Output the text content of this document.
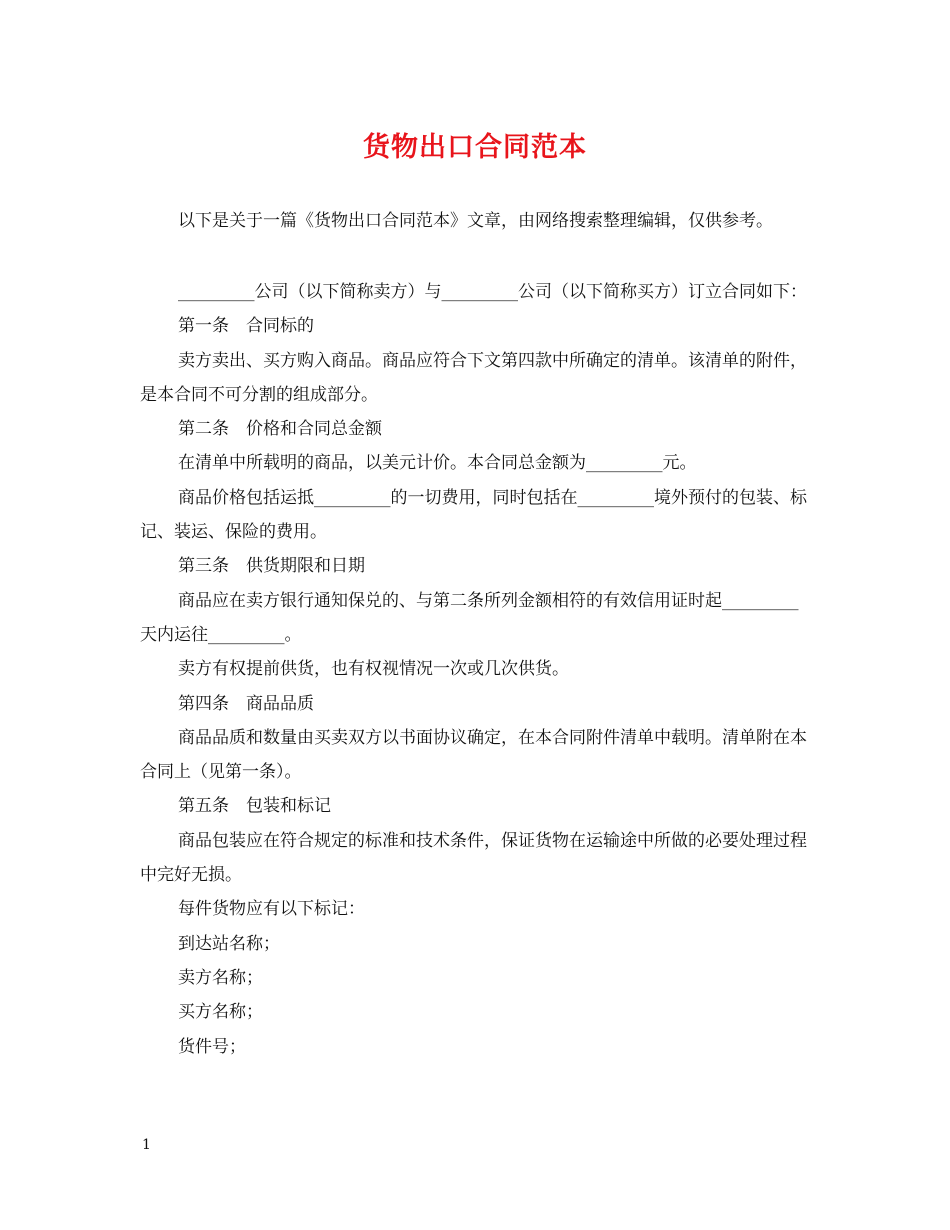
货物出口合同范本
以下是关于一篇《货物出口合同范本》文章，由网络搜索整理编辑，仅供参考。

_________公司（以下简称卖方）与_________公司（以下简称买方）订立合同如下：

第一条　合同标的

卖方卖出、买方购入商品。商品应符合下文第四款中所确定的清单。该清单的附件，是本合同不可分割的组成部分。

第二条　价格和合同总金额

在清单中所载明的商品，以美元计价。本合同总金额为_________元。

商品价格包括运抵_________的一切费用，同时包括在_________境外预付的包装、标记、装运、保险的费用。

第三条　供货期限和日期

商品应在卖方银行通知保兑的、与第二条所列金额相符的有效信用证时起_________天内运往_________。

卖方有权提前供货，也有权视情况一次或几次供货。

第四条　商品品质

商品品质和数量由买卖双方以书面协议确定，在本合同附件清单中载明。清单附在本合同上（见第一条）。

第五条　包装和标记

商品包装应在符合规定的标准和技术条件，保证货物在运输途中所做的必要处理过程中完好无损。

每件货物应有以下标记：

到达站名称；

卖方名称；

买方名称；

货件号；

1
